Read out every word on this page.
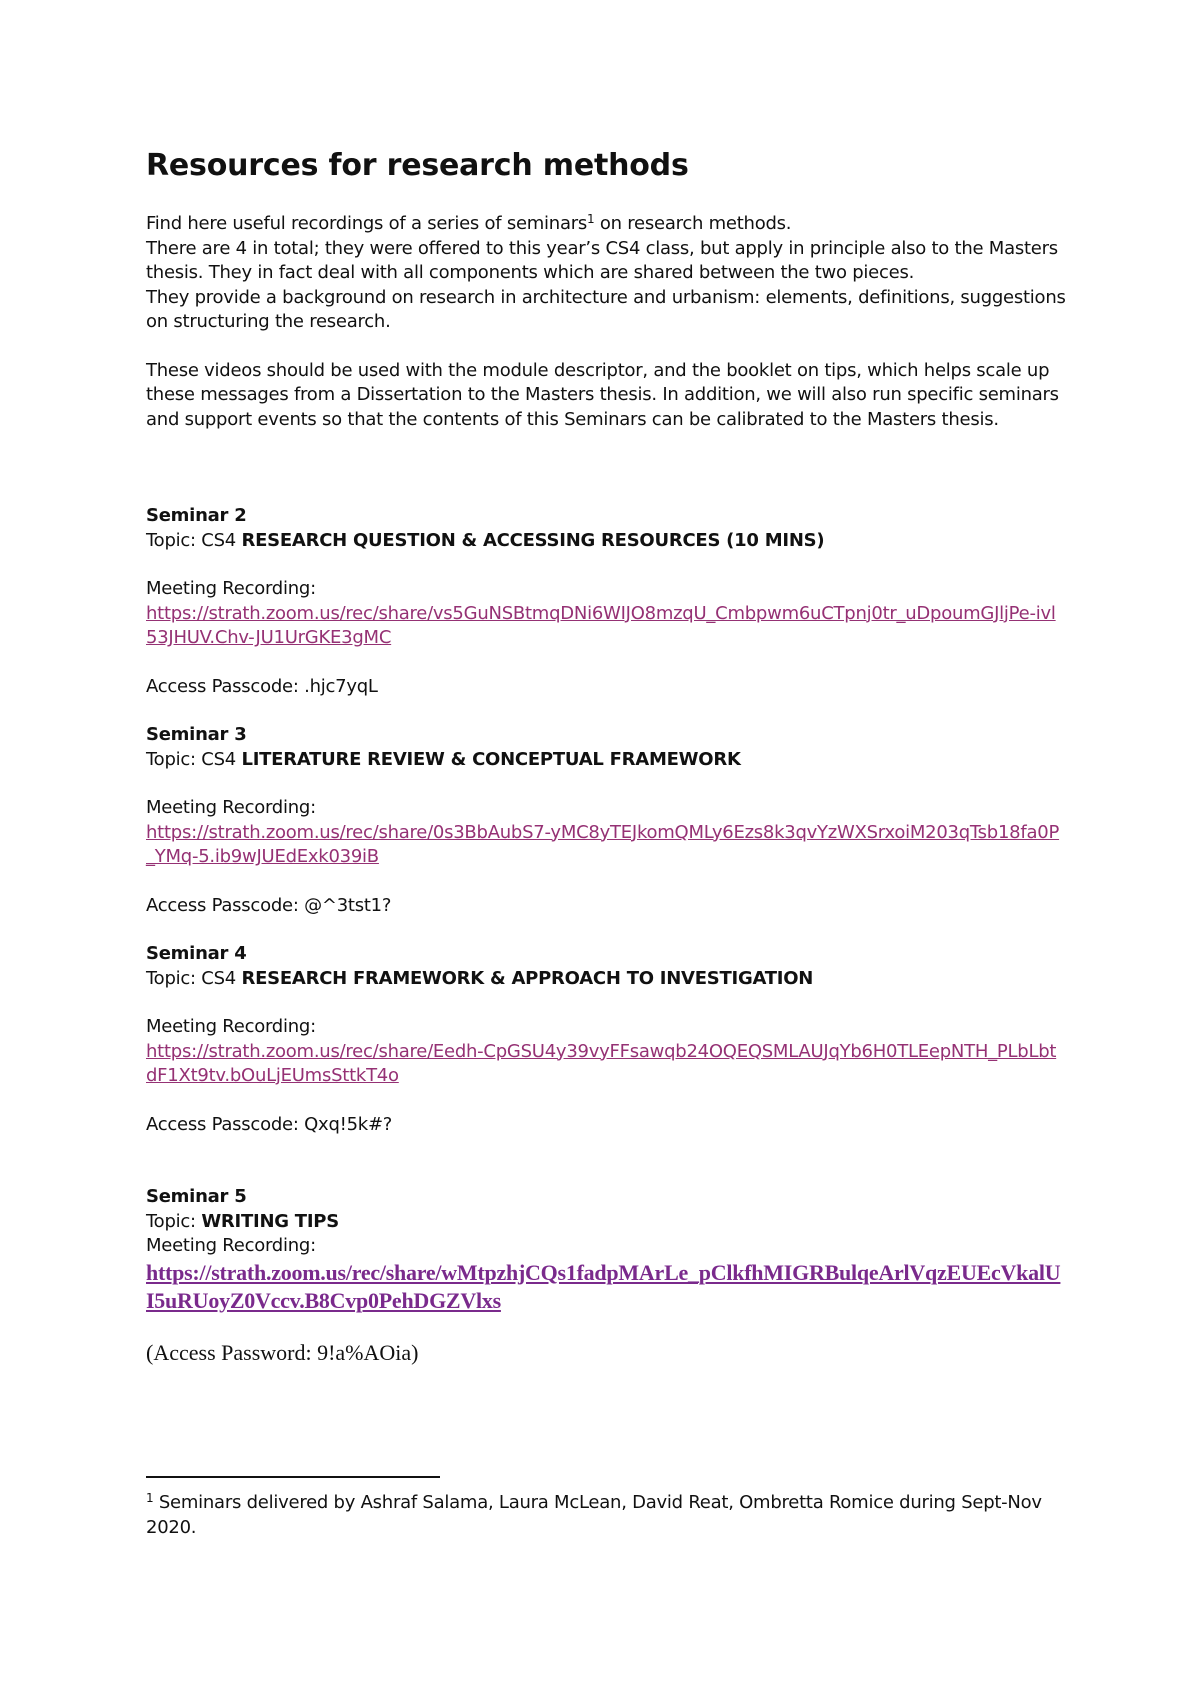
Resources for research methods

Find here useful recordings of a series of seminars$^1$ on research methods.

There are 4 in total; they were offered to this year’s CS4 class, but apply in principle also to the Masters thesis. They in fact deal with all components which are shared between the two pieces.

They provide a background on research in architecture and urbanism: elements, definitions, suggestions on structuring the research.

These videos should be used with the module descriptor, and the booklet on tips, which helps scale up these messages from a Dissertation to the Masters thesis. In addition, we will also run specific seminars and support events so that the contents of this Seminars can be calibrated to the Masters thesis.

Seminar 2

Topic: CS4 RESEARCH QUESTION & ACCESSING RESOURCES (10 MINS)

Meeting Recording:

https://strath.zoom.us/rec/share/vs5GuNSBtmqDNi6WIJO8mzqU_Cmbpwm6uCTpnj0tr_uDpoumGJljPe-ivl53JHUV.Chv-JU1UrGKE3gMC

Access Passcode: .hjc7yqL

Seminar 3

Topic: CS4 LITERATURE REVIEW & CONCEPTUAL FRAMEWORK

Meeting Recording:

https://strath.zoom.us/rec/share/0s3BbAubS7-yMC8yTEJkomQMLy6Ezs8k3qvYzWXSrxoiM203qTsb18fa0P_YMq-5.ib9wJUEdExk039iB

Access Passcode: @^3tst1?

Seminar 4

Topic: CS4 RESEARCH FRAMEWORK & APPROACH TO INVESTIGATION

Meeting Recording:

https://strath.zoom.us/rec/share/Eedh-CpGSU4y39vyFFsawqb24OQEQSMLAUJqYb6H0TLEepNTH_PLbLbtdF1Xt9tv.bOuLjEUmsSttkT4o

Access Passcode: Qxq!5k#?

Seminar 5

Topic: WRITING TIPS

Meeting Recording:

https://strath.zoom.us/rec/share/wMtpzhjCQs1fadpMArLe_pClkfhMIGRBulqeArlVqzEUEcVkalUI5uRUoyZ0Vccv.B8Cvp0PehDGZVlxs

(Access Password: 9!a%AOia)

$^1$ Seminars delivered by Ashraf Salama, Laura McLean, David Reat, Ombretta Romice during Sept-Nov 2020.
